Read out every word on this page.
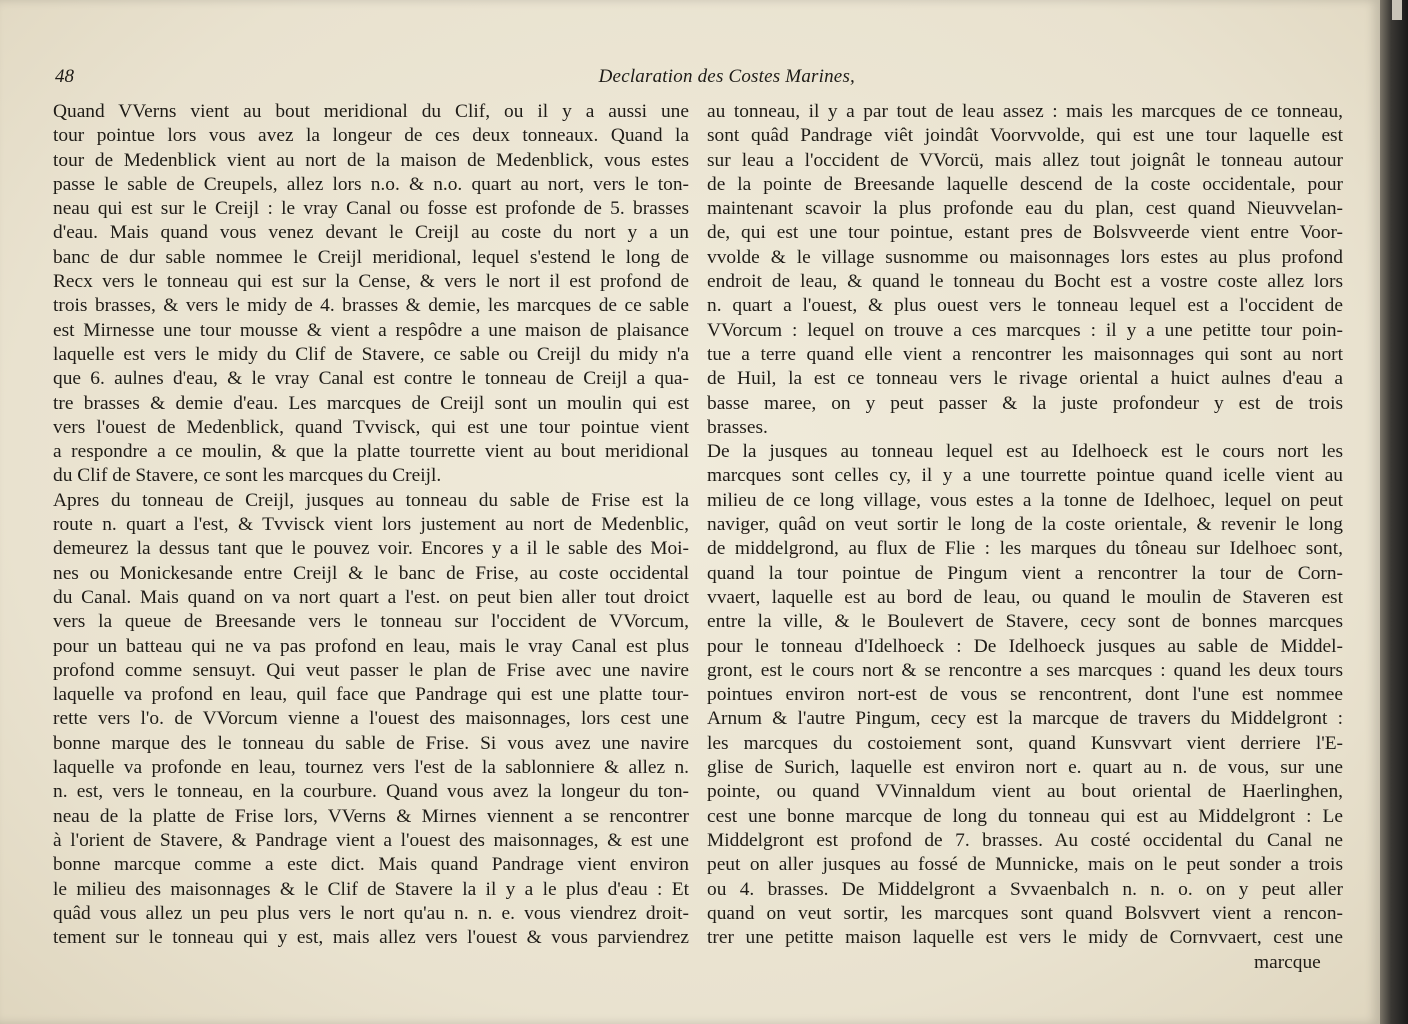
48	Declaration des Costes Marines,
Quand VVerns vient au bout meridional du Clif, ou il y a aussi une
tour pointue lors vous avez la longeur de ces deux tonneaux. Quand la
tour de Medenblick vient au nort de la maison de Medenblick, vous estes
passe le sable de Creupels, allez lors n.o. & n.o. quart au nort, vers le ton-
neau qui est sur le Creijl : le vray Canal ou fosse est profonde de 5. brasses
d'eau. Mais quand vous venez devant le Creijl au coste du nort y a un
banc de dur sable nommee le Creijl meridional, lequel s'estend le long de
Recx vers le tonneau qui est sur la Cense, & vers le nort il est profond de
trois brasses, & vers le midy de 4. brasses & demie, les marcques de ce sable
est Mirnesse une tour mousse & vient a respôdre a une maison de plaisance
laquelle est vers le midy du Clif de Stavere, ce sable ou Creijl du midy n'a
que 6. aulnes d'eau, & le vray Canal est contre le tonneau de Creijl a qua-
tre brasses & demie d'eau. Les marcques de Creijl sont un moulin qui est
vers l'ouest de Medenblick, quand Tvvisck, qui est une tour pointue vient
a respondre a ce moulin, & que la platte tourrette vient au bout meridional
du Clif de Stavere, ce sont les marcques du Creijl.
Apres du tonneau de Creijl, jusques au tonneau du sable de Frise est la
route n. quart a l'est, & Tvvisck vient lors justement au nort de Medenblic,
demeurez la dessus tant que le pouvez voir. Encores y a il le sable des Moi-
nes ou Monickesande entre Creijl & le banc de Frise, au coste occidental
du Canal. Mais quand on va nort quart a l'est. on peut bien aller tout droict
vers la queue de Breesande vers le tonneau sur l'occident de VVorcum,
pour un batteau qui ne va pas profond en leau, mais le vray Canal est plus
profond comme sensuyt. Qui veut passer le plan de Frise avec une navire
laquelle va profond en leau, quil face que Pandrage qui est une platte tour-
rette vers l'o. de VVorcum vienne a l'ouest des maisonnages, lors cest une
bonne marque des le tonneau du sable de Frise. Si vous avez une navire
laquelle va profonde en leau, tournez vers l'est de la sablonniere & allez n.
n. est, vers le tonneau, en la courbure. Quand vous avez la longeur du ton-
neau de la platte de Frise lors, VVerns & Mirnes viennent a se rencontrer
à l'orient de Stavere, & Pandrage vient a l'ouest des maisonnages, & est une
bonne marcque comme a este dict. Mais quand Pandrage vient environ
le milieu des maisonnages & le Clif de Stavere la il y a le plus d'eau : Et
quâd vous allez un peu plus vers le nort qu'au n. n. e. vous viendrez droit-
tement sur le tonneau qui y est, mais allez vers l'ouest & vous parviendrez
au tonneau, il y a par tout de leau assez : mais les marcques de ce tonneau,
sont quâd Pandrage viêt joindât Voorvvolde, qui est une tour laquelle est
sur leau a l'occident de VVorcü, mais allez tout joignât le tonneau autour
de la pointe de Breesande laquelle descend de la coste occidentale, pour
maintenant scavoir la plus profonde eau du plan, cest quand Nieuvvelan-
de, qui est une tour pointue, estant pres de Bolsvveerde vient entre Voor-
vvolde & le village susnomme ou maisonnages lors estes au plus profond
endroit de leau, & quand le tonneau du Bocht est a vostre coste allez lors
n. quart a l'ouest, & plus ouest vers le tonneau lequel est a l'occident de
VVorcum : lequel on trouve a ces marcques : il y a une petitte tour poin-
tue a terre quand elle vient a rencontrer les maisonnages qui sont au nort
de Huil, la est ce tonneau vers le rivage oriental a huict aulnes d'eau a
basse maree, on y peut passer & la juste profondeur y est de trois
brasses.
De la jusques au tonneau lequel est au Idelhoeck est le cours nort les
marcques sont celles cy, il y a une tourrette pointue quand icelle vient au
milieu de ce long village, vous estes a la tonne de Idelhoec, lequel on peut
naviger, quâd on veut sortir le long de la coste orientale, & revenir le long
de middelgrond, au flux de Flie : les marques du tôneau sur Idelhoec sont,
quand la tour pointue de Pingum vient a rencontrer la tour de Corn-
vvaert, laquelle est au bord de leau, ou quand le moulin de Staveren est
entre la ville, & le Boulevert de Stavere, cecy sont de bonnes marcques
pour le tonneau d'Idelhoeck : De Idelhoeck jusques au sable de Middel-
gront, est le cours nort & se rencontre a ses marcques : quand les deux tours
pointues environ nort-est de vous se rencontrent, dont l'une est nommee
Arnum & l'autre Pingum, cecy est la marcque de travers du Middelgront :
les marcques du costoiement sont, quand Kunsvvart vient derriere l'E-
glise de Surich, laquelle est environ nort e. quart au n. de vous, sur une
pointe, ou quand VVinnaldum vient au bout oriental de Haerlinghen,
cest une bonne marcque de long du tonneau qui est au Middelgront : Le
Middelgront est profond de 7. brasses. Au costé occidental du Canal ne
peut on aller jusques au fossé de Munnicke, mais on le peut sonder a trois
ou 4. brasses. De Middelgront a Svvaenbalch n. n. o. on y peut aller
quand on veut sortir, les marcques sont quand Bolsvvert vient a rencon-
trer une petitte maison laquelle est vers le midy de Cornvvaert, cest une
marcque
